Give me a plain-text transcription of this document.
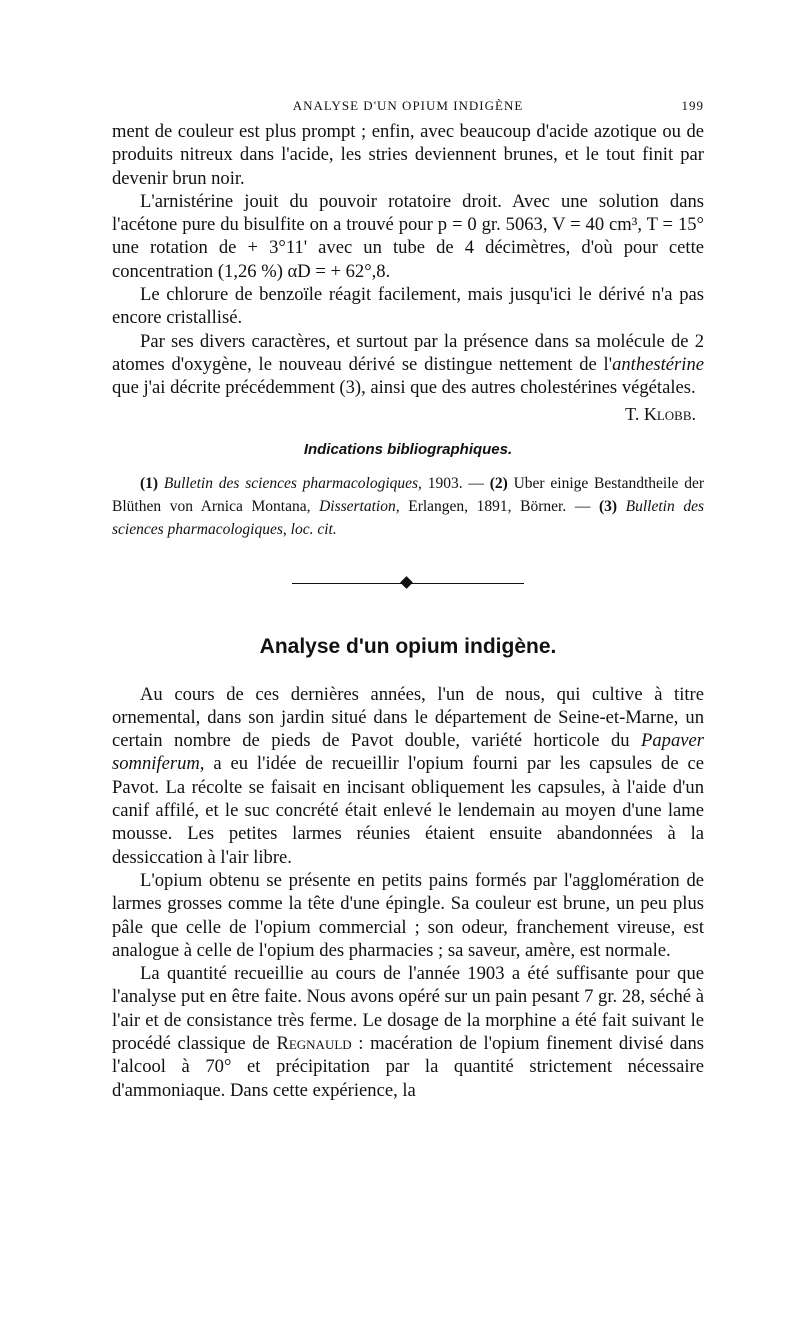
ANALYSE D'UN OPIUM INDIGÈNE	199

ment de couleur est plus prompt ; enfin, avec beaucoup d'acide azotique ou de produits nitreux dans l'acide, les stries deviennent brunes, et le tout finit par devenir brun noir.

L'arnistérine jouit du pouvoir rotatoire droit. Avec une solution dans l'acétone pure du bisulfite on a trouvé pour p = 0 gr. 5063, V = 40 cm³, T = 15° une rotation de + 3°11' avec un tube de 4 décimètres, d'où pour cette concentration (1,26 %) αD = + 62°,8.

Le chlorure de benzoïle réagit facilement, mais jusqu'ici le dérivé n'a pas encore cristallisé.

Par ses divers caractères, et surtout par la présence dans sa molécule de 2 atomes d'oxygène, le nouveau dérivé se distingue nettement de l'anthestérine que j'ai décrite précédemment (3), ainsi que des autres cholestérines végétales.

T. Klobb.
Indications bibliographiques.

(1) Bulletin des sciences pharmacologiques, 1903. — (2) Uber einige Bestandtheile der Blüthen von Arnica Montana, Dissertation, Erlangen, 1891, Börner. — (3) Bulletin des sciences pharmacologiques, loc. cit.

Analyse d'un opium indigène.

Au cours de ces dernières années, l'un de nous, qui cultive à titre ornemental, dans son jardin situé dans le département de Seine-et-Marne, un certain nombre de pieds de Pavot double, variété horticole du Papaver somniferum, a eu l'idée de recueillir l'opium fourni par les capsules de ce Pavot. La récolte se faisait en incisant obliquement les capsules, à l'aide d'un canif affilé, et le suc concrété était enlevé le lendemain au moyen d'une lame mousse. Les petites larmes réunies étaient ensuite abandonnées à la dessiccation à l'air libre.

L'opium obtenu se présente en petits pains formés par l'agglomération de larmes grosses comme la tête d'une épingle. Sa couleur est brune, un peu plus pâle que celle de l'opium commercial ; son odeur, franchement vireuse, est analogue à celle de l'opium des pharmacies ; sa saveur, amère, est normale.

La quantité recueillie au cours de l'année 1903 a été suffisante pour que l'analyse put en être faite. Nous avons opéré sur un pain pesant 7 gr. 28, séché à l'air et de consistance très ferme. Le dosage de la morphine a été fait suivant le procédé classique de Regnauld : macération de l'opium finement divisé dans l'alcool à 70° et précipitation par la quantité strictement nécessaire d'ammoniaque. Dans cette expérience, la
